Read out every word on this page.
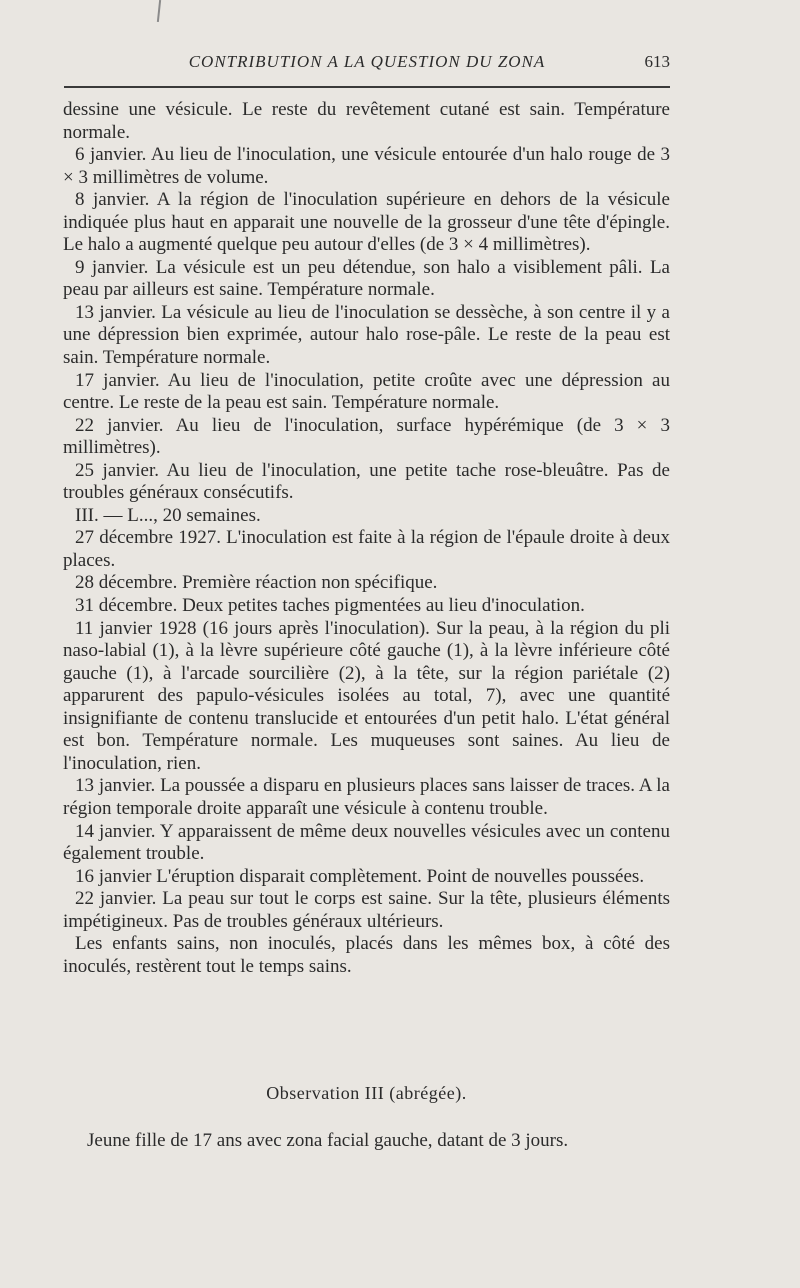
CONTRIBUTION A LA QUESTION DU ZONA	613

dessine une vésicule. Le reste du revêtement cutané est sain. Température normale.

6 janvier. Au lieu de l'inoculation, une vésicule entourée d'un halo rouge de 3 × 3 millimètres de volume.

8 janvier. A la région de l'inoculation supérieure en dehors de la vésicule indiquée plus haut en apparait une nouvelle de la grosseur d'une tête d'épingle. Le halo a augmenté quelque peu autour d'elles (de 3 × 4 millimètres).

9 janvier. La vésicule est un peu détendue, son halo a visiblement pâli. La peau par ailleurs est saine. Température normale.

13 janvier. La vésicule au lieu de l'inoculation se dessèche, à son centre il y a une dépression bien exprimée, autour halo rose-pâle. Le reste de la peau est sain. Température normale.

17 janvier. Au lieu de l'inoculation, petite croûte avec une dépression au centre. Le reste de la peau est sain. Température normale.

22 janvier. Au lieu de l'inoculation, surface hypérémique (de 3 × 3 millimètres).

25 janvier. Au lieu de l'inoculation, une petite tache rose-bleuâtre. Pas de troubles généraux consécutifs.

III. — L..., 20 semaines.

27 décembre 1927. L'inoculation est faite à la région de l'épaule droite à deux places.

28 décembre. Première réaction non spécifique.

31 décembre. Deux petites taches pigmentées au lieu d'inoculation.

11 janvier 1928 (16 jours après l'inoculation). Sur la peau, à la région du pli naso-labial (1), à la lèvre supérieure côté gauche (1), à la lèvre inférieure côté gauche (1), à l'arcade sourcilière (2), à la tête, sur la région pariétale (2) apparurent des papulo-vésicules isolées au total, 7), avec une quantité insignifiante de contenu translucide et entourées d'un petit halo. L'état général est bon. Température normale. Les muqueuses sont saines. Au lieu de l'inoculation, rien.

13 janvier. La poussée a disparu en plusieurs places sans laisser de traces. A la région temporale droite apparaît une vésicule à contenu trouble.

14 janvier. Y apparaissent de même deux nouvelles vésicules avec un contenu également trouble.

16 janvier L'éruption disparait complètement. Point de nouvelles poussées.

22 janvier. La peau sur tout le corps est saine. Sur la tête, plusieurs éléments impétigineux. Pas de troubles généraux ultérieurs.

Les enfants sains, non inoculés, placés dans les mêmes box, à côté des inoculés, restèrent tout le temps sains.

Observation III (abrégée).
Jeune fille de 17 ans avec zona facial gauche, datant de 3 jours.
